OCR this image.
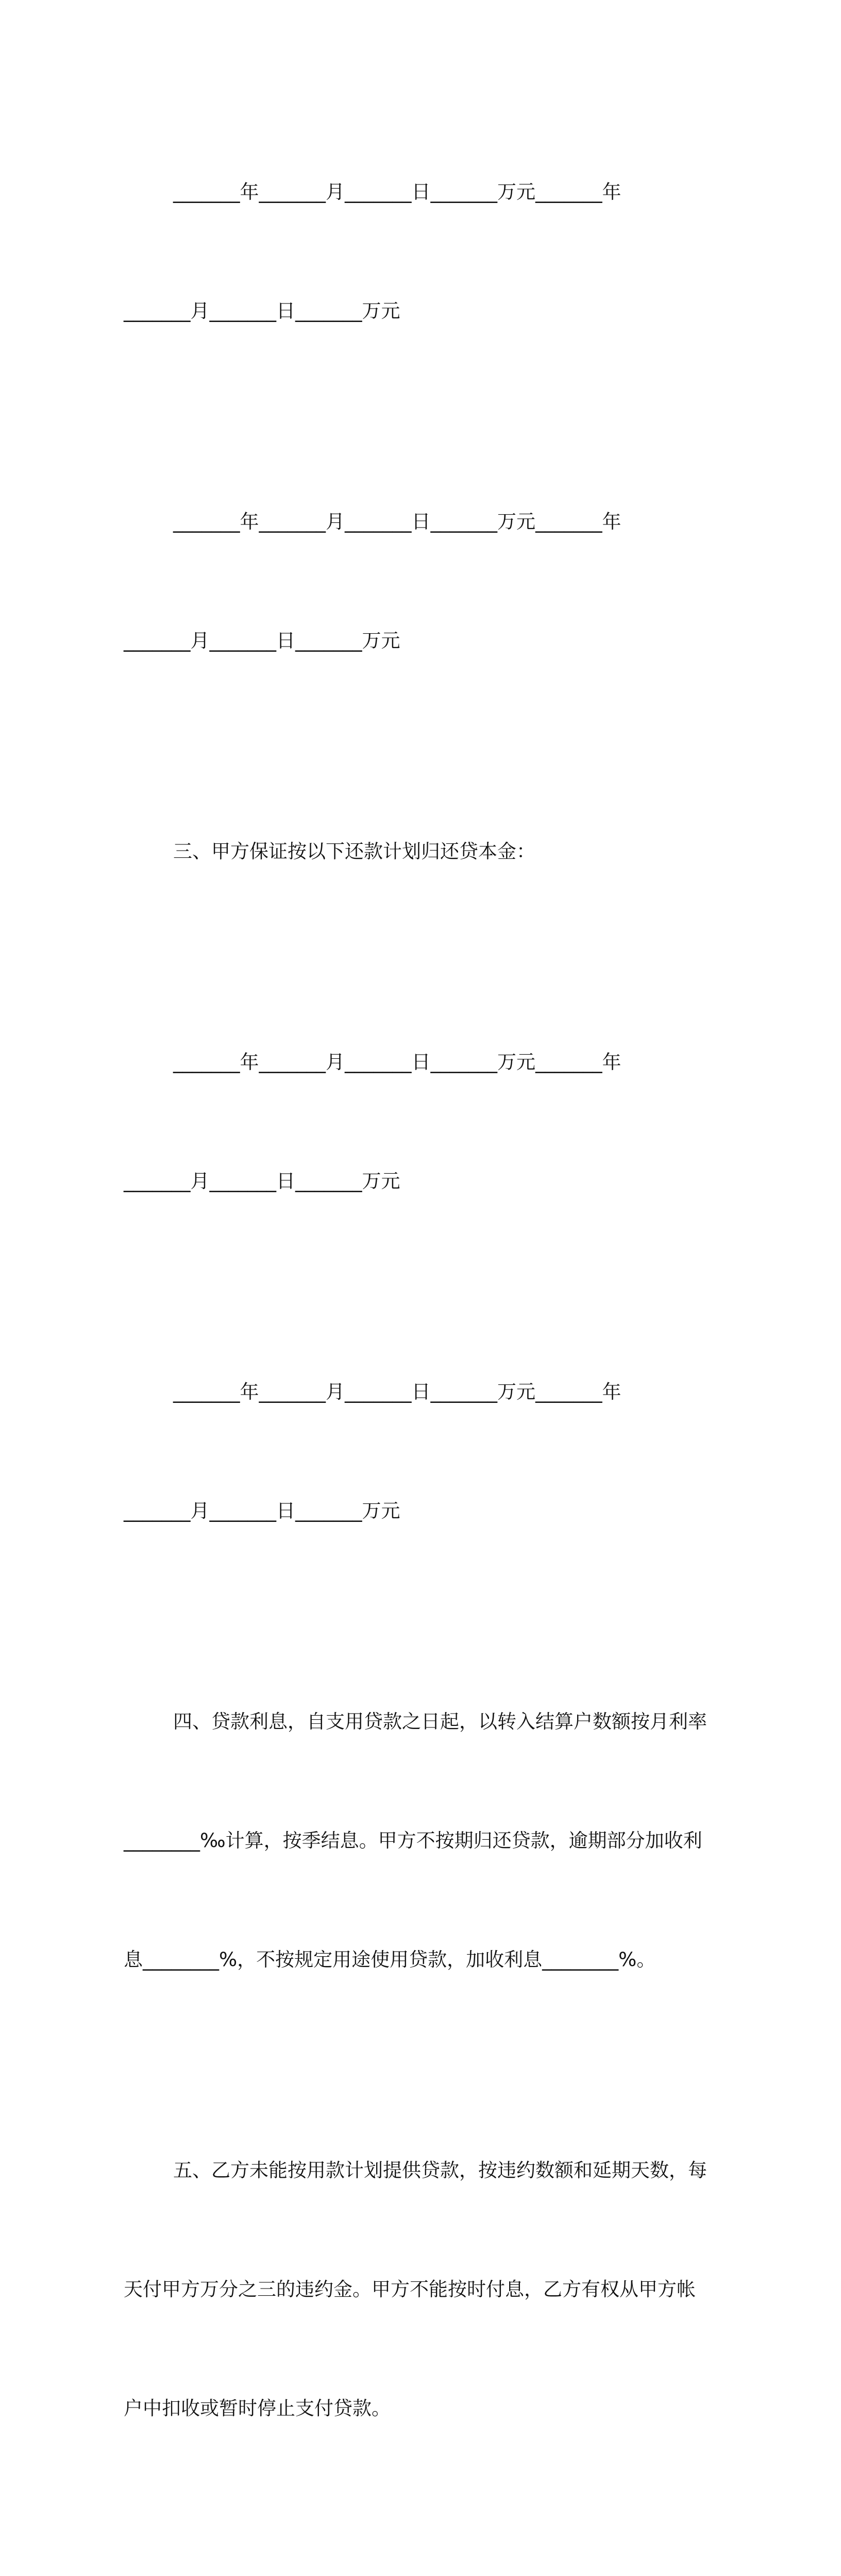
_______年_______月_______日_______万元_______年

_______月_______日_______万元

_______年_______月_______日_______万元_______年

_______月_______日_______万元

三、甲方保证按以下还款计划归还贷本金：

_______年_______月_______日_______万元_______年

_______月_______日_______万元

_______年_______月_______日_______万元_______年

_______月_______日_______万元

四、贷款利息，自支用贷款之日起，以转入结算户数额按月利率

________‰计算，按季结息。甲方不按期归还贷款，逾期部分加收利

息________%，不按规定用途使用贷款，加收利息________%。

五、乙方未能按用款计划提供贷款，按违约数额和延期天数，每

天付甲方万分之三的违约金。甲方不能按时付息，乙方有权从甲方帐

户中扣收或暂时停止支付贷款。
